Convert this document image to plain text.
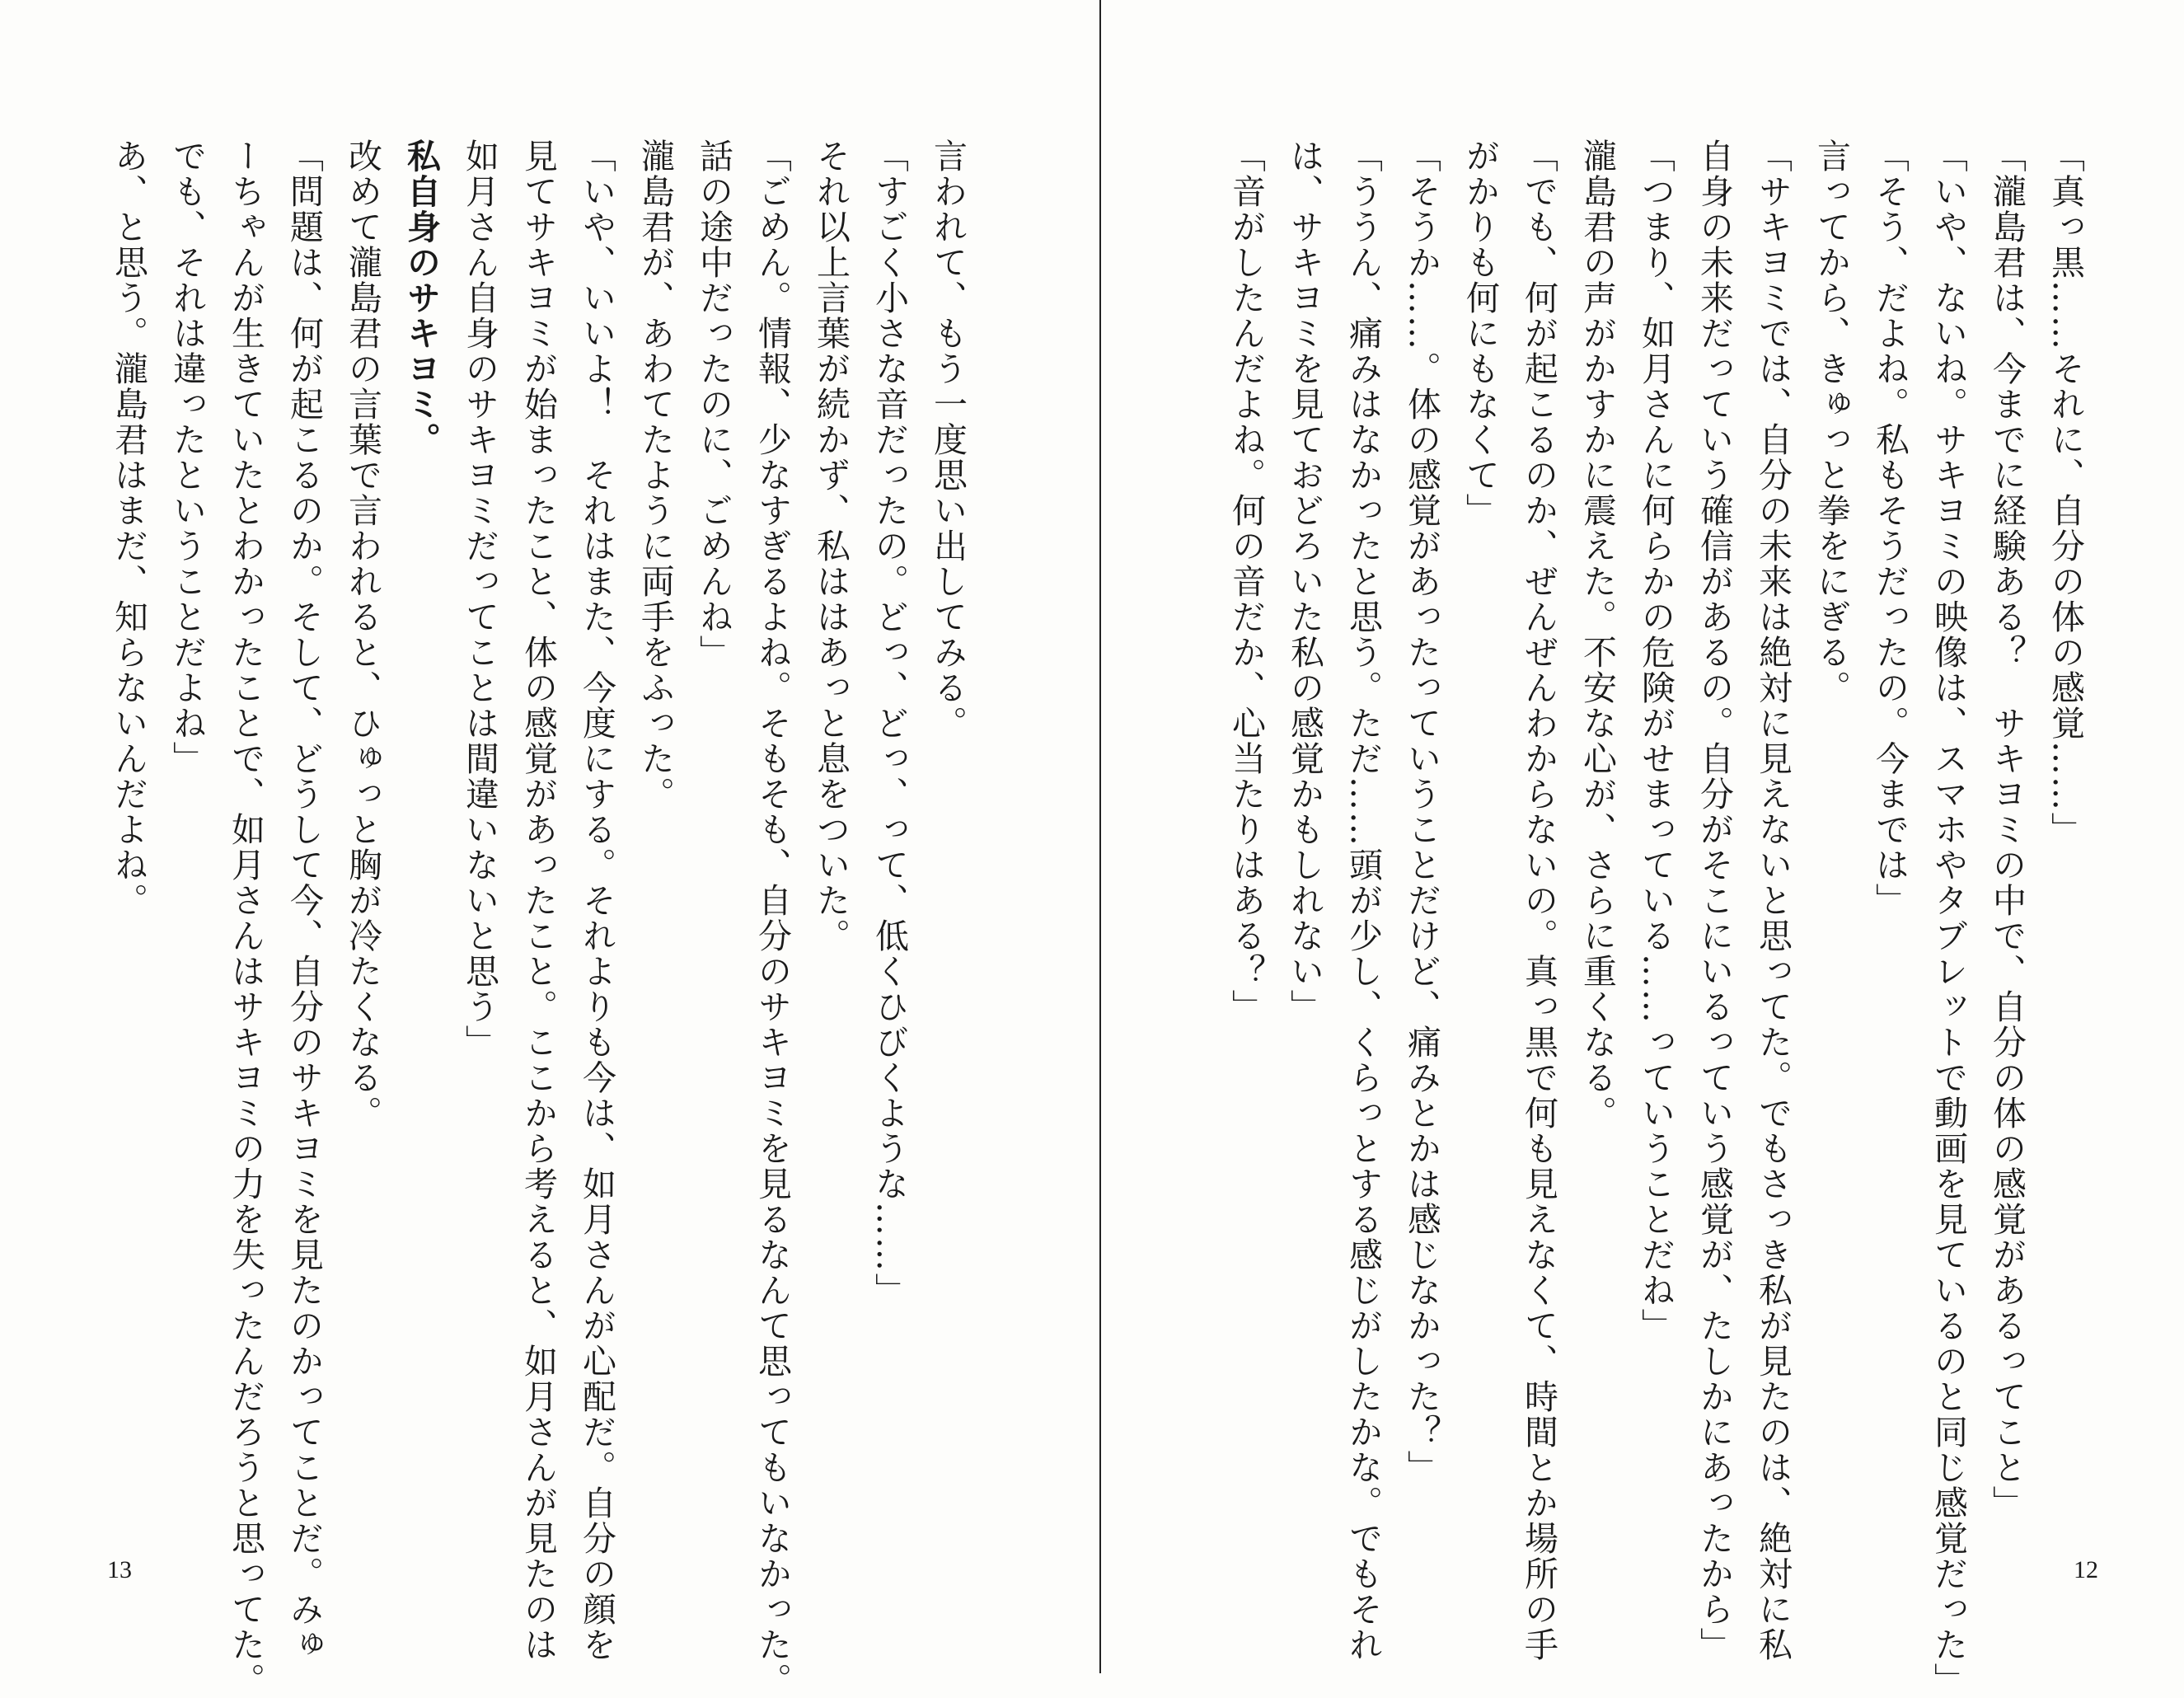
言われて、もう一度思い出してみる。
「すごく小さな音だったの。どっ、どっ、って、低くひびくような……」
それ以上言葉が続かず、私ははあっと息をついた。
「ごめん。情報、少なすぎるよね。そもそも、自分のサキヨミを見るなんて思ってもいなかった。
話の途中だったのに、ごめんね」
瀧島君が、あわてたように両手をふった。
「いや、いいよ！　それはまた、今度にする。それよりも今は、如月さんが心配だ。自分の顔を
見てサキヨミが始まったこと、体の感覚があったこと。ここから考えると、如月さんが見たのは
如月さん自身のサキヨミだってことは間違いないと思う」
私自身のサキヨミ。
改めて瀧島君の言葉で言われると、ひゅっと胸が冷たくなる。
「問題は、何が起こるのか。そして、どうして今、自分のサキヨミを見たのかってことだ。みゅ
ーちゃんが生きていたとわかったことで、如月さんはサキヨミの力を失ったんだろうと思ってた。
でも、それは違ったということだよね」
あ、と思う。瀧島君はまだ、知らないんだよね。
13
「真っ黒……それに、自分の体の感覚……」
「瀧島君は、今までに経験ある？　サキヨミの中で、自分の体の感覚があるってこと」
「いや、ないね。サキヨミの映像は、スマホやタブレットで動画を見ているのと同じ感覚だった」
「そう、だよね。私もそうだったの。今までは」
言ってから、きゅっと拳をにぎる。
「サキヨミでは、自分の未来は絶対に見えないと思ってた。でもさっき私が見たのは、絶対に私
自身の未来だっていう確信があるの。自分がそこにいるっていう感覚が、たしかにあったから」
「つまり、如月さんに何らかの危険がせまっている……っていうことだね」
瀧島君の声がかすかに震えた。不安な心が、さらに重くなる。
「でも、何が起こるのか、ぜんぜんわからないの。真っ黒で何も見えなくて、時間とか場所の手
がかりも何にもなくて」
「そうか……。体の感覚があったっていうことだけど、痛みとかは感じなかった？」
「ううん、痛みはなかったと思う。ただ……頭が少し、くらっとする感じがしたかな。でもそれ
は、サキヨミを見ておどろいた私の感覚かもしれない」
「音がしたんだよね。何の音だか、心当たりはある？」
12
